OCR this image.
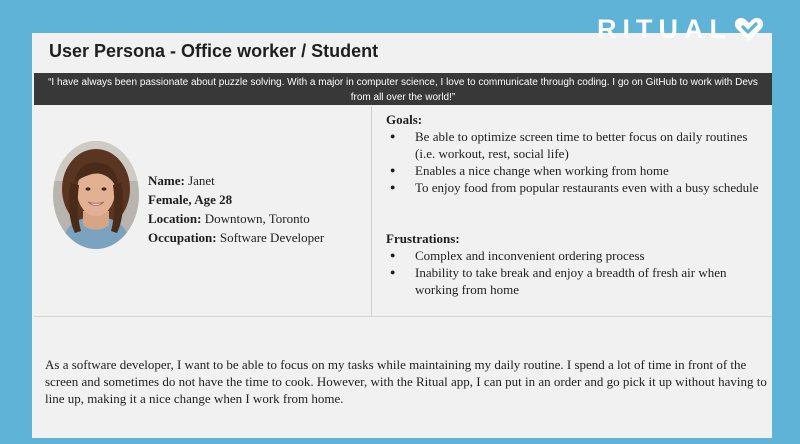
User Persona - Office worker / Student
RITUAL
“I have always been passionate about puzzle solving. With a major in computer science, I love to communicate through coding. I go on GitHub to work with Devs from all over the world!”
Name: Janet
Female, Age 28
Location: Downtown, Toronto
Occupation: Software Developer
Goals:
● Be able to optimize screen time to better focus on daily routines (i.e. workout, rest, social life)
● Enables a nice change when working from home
● To enjoy food from popular restaurants even with a busy schedule
Frustrations:
● Complex and inconvenient ordering process
● Inability to take break and enjoy a breadth of fresh air when working from home
As a software developer, I want to be able to focus on my tasks while maintaining my daily routine. I spend a lot of time in front of the screen and sometimes do not have the time to cook. However, with the Ritual app, I can put in an order and go pick it up without having to line up, making it a nice change when I work from home.
